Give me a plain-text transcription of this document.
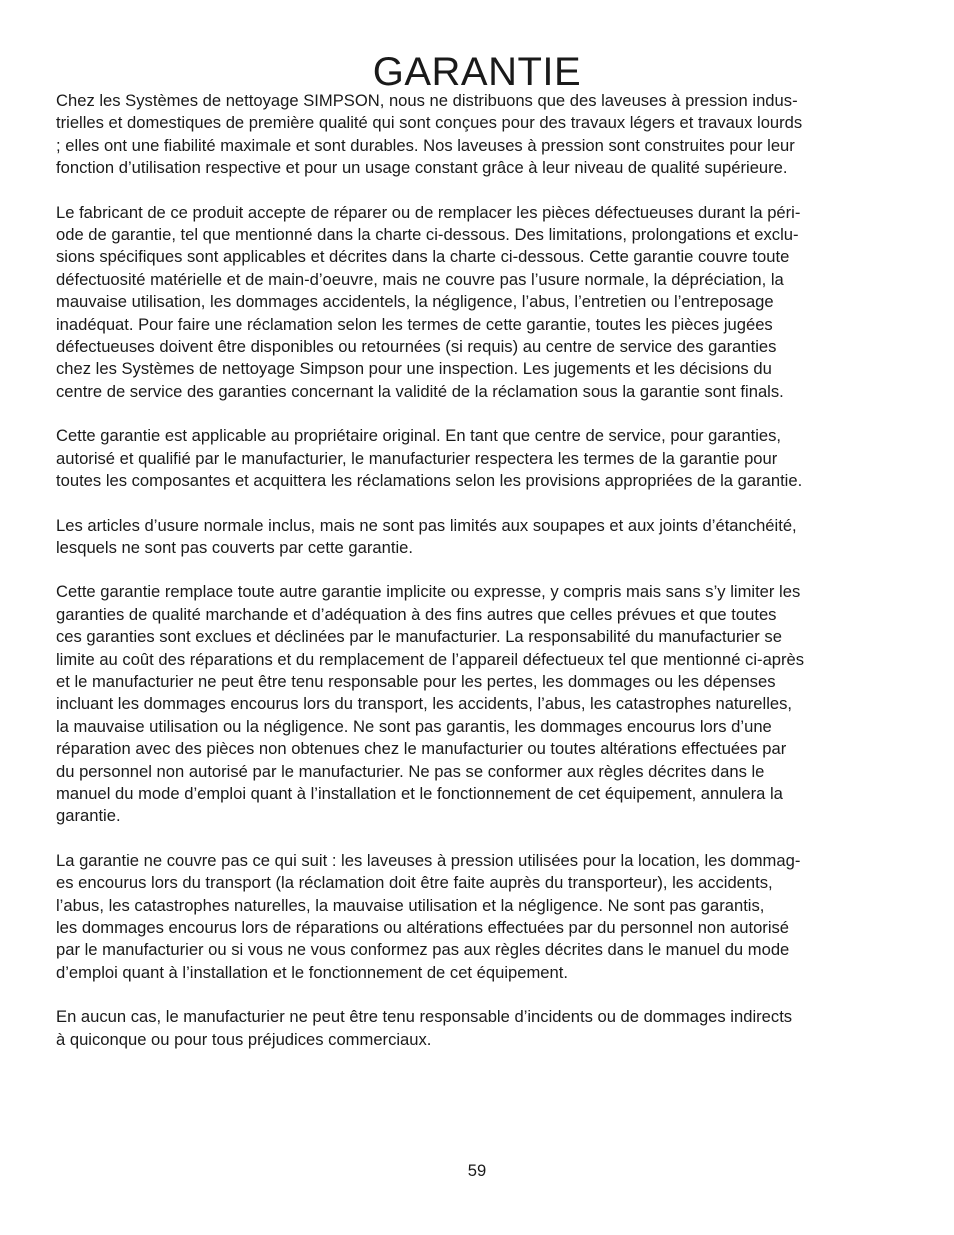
GARANTIE

Chez les Systèmes de nettoyage SIMPSON, nous ne distribuons que des laveuses à pression indus-
trielles et domestiques de première qualité qui sont conçues pour des travaux légers et travaux lourds
; elles ont une fiabilité maximale et sont durables. Nos laveuses à pression sont construites pour leur
fonction d’utilisation respective et pour un usage constant grâce à leur niveau de qualité supérieure.

Le fabricant de ce produit accepte de réparer ou de remplacer les pièces défectueuses durant la péri-
ode de garantie, tel que mentionné dans la charte ci-dessous. Des limitations, prolongations et exclu-
sions spécifiques sont applicables et décrites dans la charte ci-dessous. Cette garantie couvre toute
défectuosité matérielle et de main-d’oeuvre, mais ne couvre pas l’usure normale, la dépréciation, la
mauvaise utilisation, les dommages accidentels, la négligence, l’abus, l’entretien ou l’entreposage
inadéquat. Pour faire une réclamation selon les termes de cette garantie, toutes les pièces jugées
défectueuses doivent être disponibles ou retournées (si requis) au centre de service des garanties
chez les Systèmes de nettoyage Simpson pour une inspection. Les jugements et les décisions du
centre de service des garanties concernant la validité de la réclamation sous la garantie sont finals.

Cette garantie est applicable au propriétaire original. En tant que centre de service, pour garanties,
autorisé et qualifié par le manufacturier, le manufacturier respectera les termes de la garantie pour
toutes les composantes et acquittera les réclamations selon les provisions appropriées de la garantie.

Les articles d’usure normale inclus, mais ne sont pas limités aux soupapes et aux joints d’étanchéité,
lesquels ne sont pas couverts par cette garantie.

Cette garantie remplace toute autre garantie implicite ou expresse, y compris mais sans s’y limiter les
garanties de qualité marchande et d’adéquation à des fins autres que celles prévues et que toutes
ces garanties sont exclues et déclinées par le manufacturier. La responsabilité du manufacturier se
limite au coût des réparations et du remplacement de l’appareil défectueux tel que mentionné ci-après
et le manufacturier ne peut être tenu responsable pour les pertes, les dommages ou les dépenses
incluant les dommages encourus lors du transport, les accidents, l’abus, les catastrophes naturelles,
la mauvaise utilisation ou la négligence. Ne sont pas garantis, les dommages encourus lors d’une
réparation avec des pièces non obtenues chez le manufacturier ou toutes altérations effectuées par
du personnel non autorisé par le manufacturier. Ne pas se conformer aux règles décrites dans le
manuel du mode d’emploi quant à l’installation et le fonctionnement de cet équipement, annulera la
garantie.

La garantie ne couvre pas ce qui suit : les laveuses à pression utilisées pour la location, les dommag-
es encourus lors du transport (la réclamation doit être faite auprès du transporteur), les accidents,
l’abus, les catastrophes naturelles, la mauvaise utilisation et la négligence. Ne sont pas garantis,
les dommages encourus lors de réparations ou altérations effectuées par du personnel non autorisé
par le manufacturier ou si vous ne vous conformez pas aux règles décrites dans le manuel du mode
d’emploi quant à l’installation et le fonctionnement de cet équipement.

En aucun cas, le manufacturier ne peut être tenu responsable d’incidents ou de dommages indirects
à quiconque ou pour tous préjudices commerciaux.

59
